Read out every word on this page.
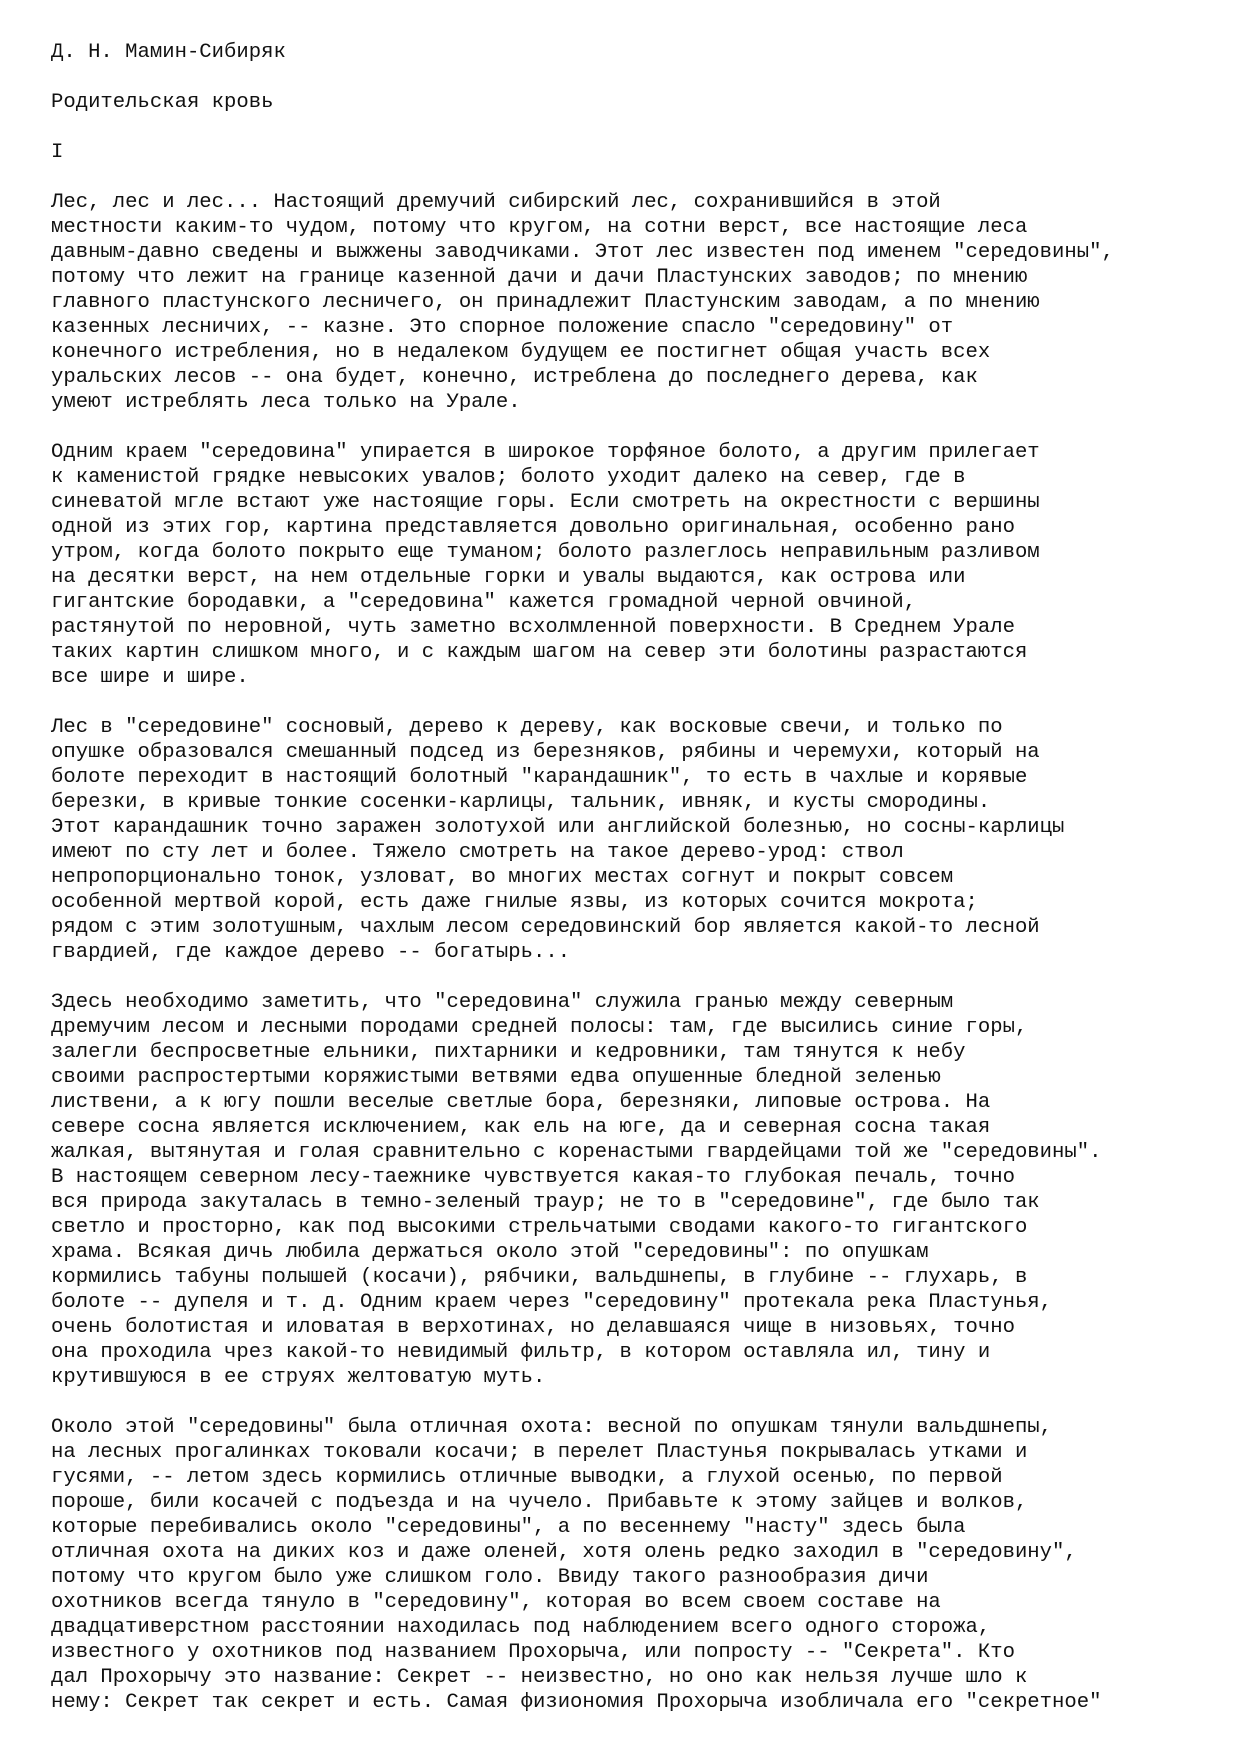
Д. Н. Мамин-Сибиряк
Родительская кровь
I
Лес, лес и лес... Настоящий дремучий сибирский лес, сохранившийся в этой
местности каким-то чудом, потому что кругом, на сотни верст, все настоящие леса
давным-давно сведены и выжжены заводчиками. Этот лес известен под именем "середовины",
потому что лежит на границе казенной дачи и дачи Пластунских заводов; по мнению
главного пластунского лесничего, он принадлежит Пластунским заводам, а по мнению
казенных лесничих, -- казне. Это спорное положение спасло "середовину" от
конечного истребления, но в недалеком будущем ее постигнет общая участь всех
уральских лесов -- она будет, конечно, истреблена до последнего дерева, как
умеют истреблять леса только на Урале.
Одним краем "середовина" упирается в широкое торфяное болото, а другим прилегает
к каменистой грядке невысоких увалов; болото уходит далеко на север, где в
синеватой мгле встают уже настоящие горы. Если смотреть на окрестности с вершины
одной из этих гор, картина представляется довольно оригинальная, особенно рано
утром, когда болото покрыто еще туманом; болото разлеглось неправильным разливом
на десятки верст, на нем отдельные горки и увалы выдаются, как острова или
гигантские бородавки, а "середовина" кажется громадной черной овчиной,
растянутой по неровной, чуть заметно всхолмленной поверхности. В Среднем Урале
таких картин слишком много, и с каждым шагом на север эти болотины разрастаются
все шире и шире.
Лес в "середовине" сосновый, дерево к дереву, как восковые свечи, и только по
опушке образовался смешанный подсед из березняков, рябины и черемухи, который на
болоте переходит в настоящий болотный "карандашник", то есть в чахлые и корявые
березки, в кривые тонкие сосенки-карлицы, тальник, ивняк, и кусты смородины.
Этот карандашник точно заражен золотухой или английской болезнью, но сосны-карлицы
имеют по сту лет и более. Тяжело смотреть на такое дерево-урод: ствол
непропорционально тонок, узловат, во многих местах согнут и покрыт совсем
особенной мертвой корой, есть даже гнилые язвы, из которых сочится мокрота;
рядом с этим золотушным, чахлым лесом середовинский бор является какой-то лесной
гвардией, где каждое дерево -- богатырь...
Здесь необходимо заметить, что "середовина" служила гранью между северным
дремучим лесом и лесными породами средней полосы: там, где высились синие горы,
залегли беспросветные ельники, пихтарники и кедровники, там тянутся к небу
своими распростертыми коряжистыми ветвями едва опушенные бледной зеленью
листвени, а к югу пошли веселые светлые бора, березняки, липовые острова. На
севере сосна является исключением, как ель на юге, да и северная сосна такая
жалкая, вытянутая и голая сравнительно с коренастыми гвардейцами той же "середовины".
В настоящем северном лесу-таежнике чувствуется какая-то глубокая печаль, точно
вся природа закуталась в темно-зеленый траур; не то в "середовине", где было так
светло и просторно, как под высокими стрельчатыми сводами какого-то гигантского
храма. Всякая дичь любила держаться около этой "середовины": по опушкам
кормились табуны полышей (косачи), рябчики, вальдшнепы, в глубине -- глухарь, в
болоте -- дупеля и т. д. Одним краем через "середовину" протекала река Пластунья,
очень болотистая и иловатая в верхотинах, но делавшаяся чище в низовьях, точно
она проходила чрез какой-то невидимый фильтр, в котором оставляла ил, тину и
крутившуюся в ее струях желтоватую муть.
Около этой "середовины" была отличная охота: весной по опушкам тянули вальдшнепы,
на лесных прогалинках токовали косачи; в перелет Пластунья покрывалась утками и
гусями, -- летом здесь кормились отличные выводки, а глухой осенью, по первой
пороше, били косачей с подъезда и на чучело. Прибавьте к этому зайцев и волков,
которые перебивались около "середовины", а по весеннему "насту" здесь была
отличная охота на диких коз и даже оленей, хотя олень редко заходил в "середовину",
потому что кругом было уже слишком голо. Ввиду такого разнообразия дичи
охотников всегда тянуло в "середовину", которая во всем своем составе на
двадцативерстном расстоянии находилась под наблюдением всего одного сторожа,
известного у охотников под названием Прохорыча, или попросту -- "Секрета". Кто
дал Прохорычу это название: Секрет -- неизвестно, но оно как нельзя лучше шло к
нему: Секрет так секрет и есть. Самая физиономия Прохорыча изобличала его "секретное"
